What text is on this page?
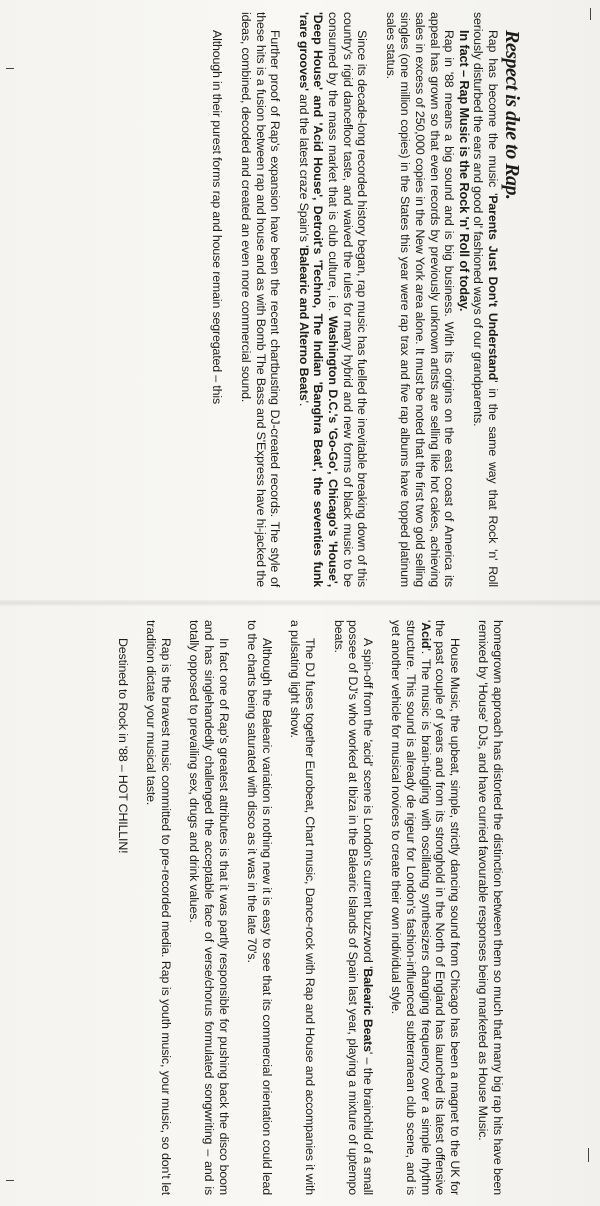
Respect is due to Rap.

Rap has become the music 'Parents Just Don't Understand' in the same way that Rock 'n' Roll seriously disturbed the ears and good ol' fashioned ways of our grandparents.

In fact – Rap Music is the Rock 'n' Roll of today.

Rap in '88 means a big sound and is big business. With its origins on the east coast of America its appeal has grown so that even records by previously unknown artists are selling like hot cakes, achieving sales in excess of 250,000 copies in the New York area alone. It must be noted that the first two gold selling singles (one million copies) in the States this year were rap trax and five rap albums have topped platinum sales status.

Since its decade-long recorded history began, rap music has fuelled the inevitable breaking down of this country's rigid dancefloor taste, and waived the rules for many hybrid and new forms of black music to be consumed by the mass market that is club culture, i.e. Washington D.C.'s 'Go-Go', Chicago's 'House', 'Deep House' and 'Acid House', Detroit's 'Techno, The Indian 'Banghra Beat', the seventies funk 'rare grooves' and the latest craze Spain's 'Balearic and Alterno Beats'.

Further proof of Rap's expansion have been the recent chartbusting DJ-created records. The style of these hits is a fusion between rap and house and as with Bomb The Bass and S'Express have hi-jacked the ideas, combined, decoded and created an even more commercial sound.

Although in their purest forms rap and house remain segregated – this

homegrown approach has distorted the distinction between them so much that many big rap hits have been remixed by 'House' DJs, and have curried favourable responses being marketed as House Music.

House Music, the upbeat, simple, strictly dancing sound from Chicago has been a magnet to the UK for the past couple of years and from its stronghold in the North of England has launched its latest offensive 'Acid'. The music is brain-tingling with oscillating synthesizers changing frequency over a simple rhythm structure. This sound is already de rigeur for London's fashion-influenced subterranean club scene, and is yet another vehicle for musical novices to create their own individual style.

A spin-off from the 'acid' scene is London's current buzzword 'Balearic Beats' – the brainchild of a small possee of DJ's who worked at Ibiza in the Balearic Islands of Spain last year, playing a mixture of uptempo beats.

The DJ fuses together Eurobeat, Chart music, Dance-rock with Rap and House and accompanies it with a pulsating light show.

Although the Balearic variation is nothing new it is easy to see that its commercial orientation could lead to the charts being saturated with disco as it was in the late 70's.

In fact one of Rap's greatest attributes is that it was partly responsible for pushing back the disco boom and has singlehandedly challenged the acceptable face of verse/chorus formulated songwriting – and is totally opposed to prevailing sex, drugs and drink values.

Rap is the bravest music committed to pre-recorded media. Rap is youth music, your music, so don't let tradition dictate your musical taste.

Destined to Rock in '88 – HOT CHILLIN!
